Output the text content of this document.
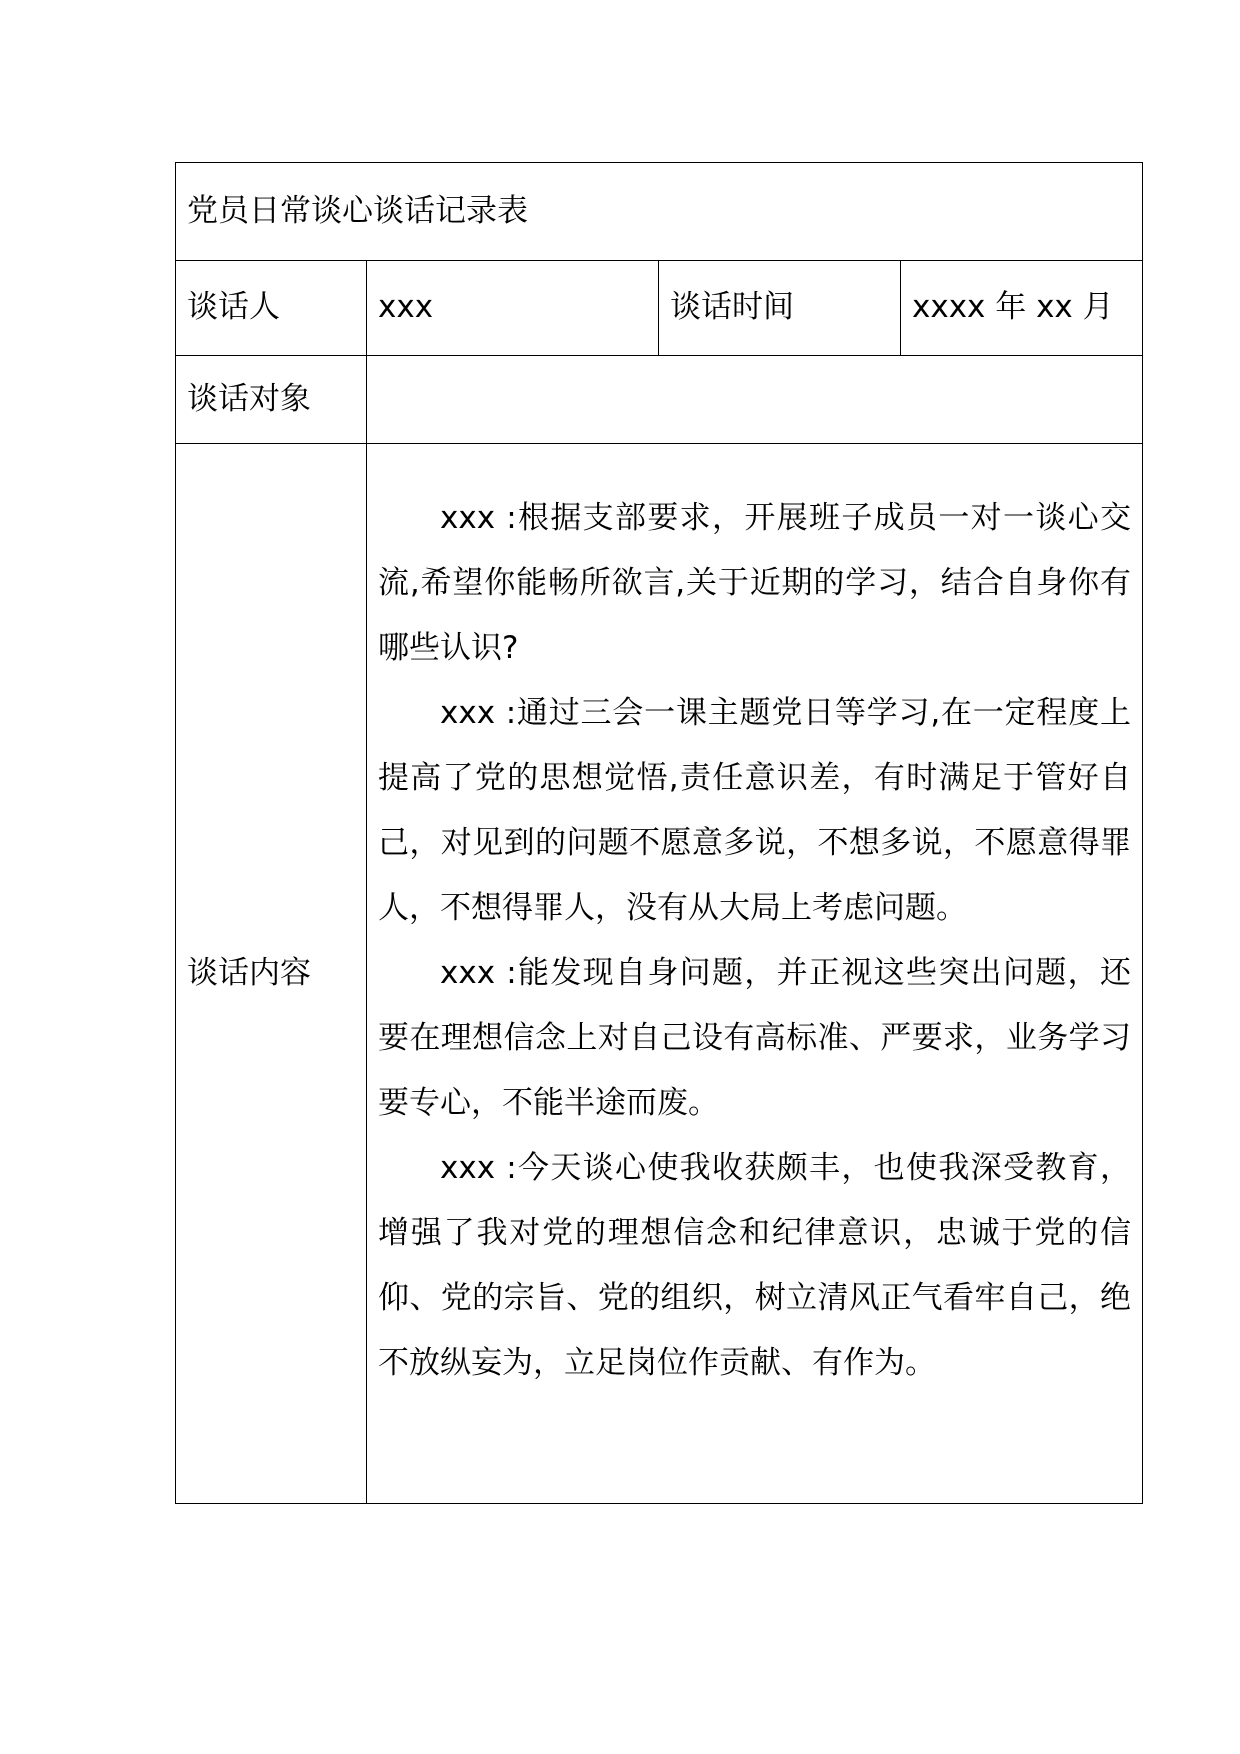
党员日常谈心谈话记录表			
谈话人	xxx	谈话时间	xxxx 年 xx 月
谈话对象			
谈话内容	xxx :根据支部要求，开展班子成员一对一谈心交流,希望你能畅所欲言,关于近期的学习，结合自身你有哪些认识?

xxx :通过三会一课主题党日等学习,在一定程度上提高了党的思想觉悟,责任意识差，有时满足于管好自己，对见到的问题不愿意多说，不想多说，不愿意得罪人，不想得罪人，没有从大局上考虑问题。

xxx :能发现自身问题，并正视这些突出问题，还要在理想信念上对自己设有高标准、严要求，业务学习要专心，不能半途而废。

xxx :今天谈心使我收获颇丰，也使我深受教育，增强了我对党的理想信念和纪律意识，忠诚于党的信仰、党的宗旨、党的组织，树立清风正气看牢自己，绝不放纵妄为，立足岗位作贡献、有作为。		
